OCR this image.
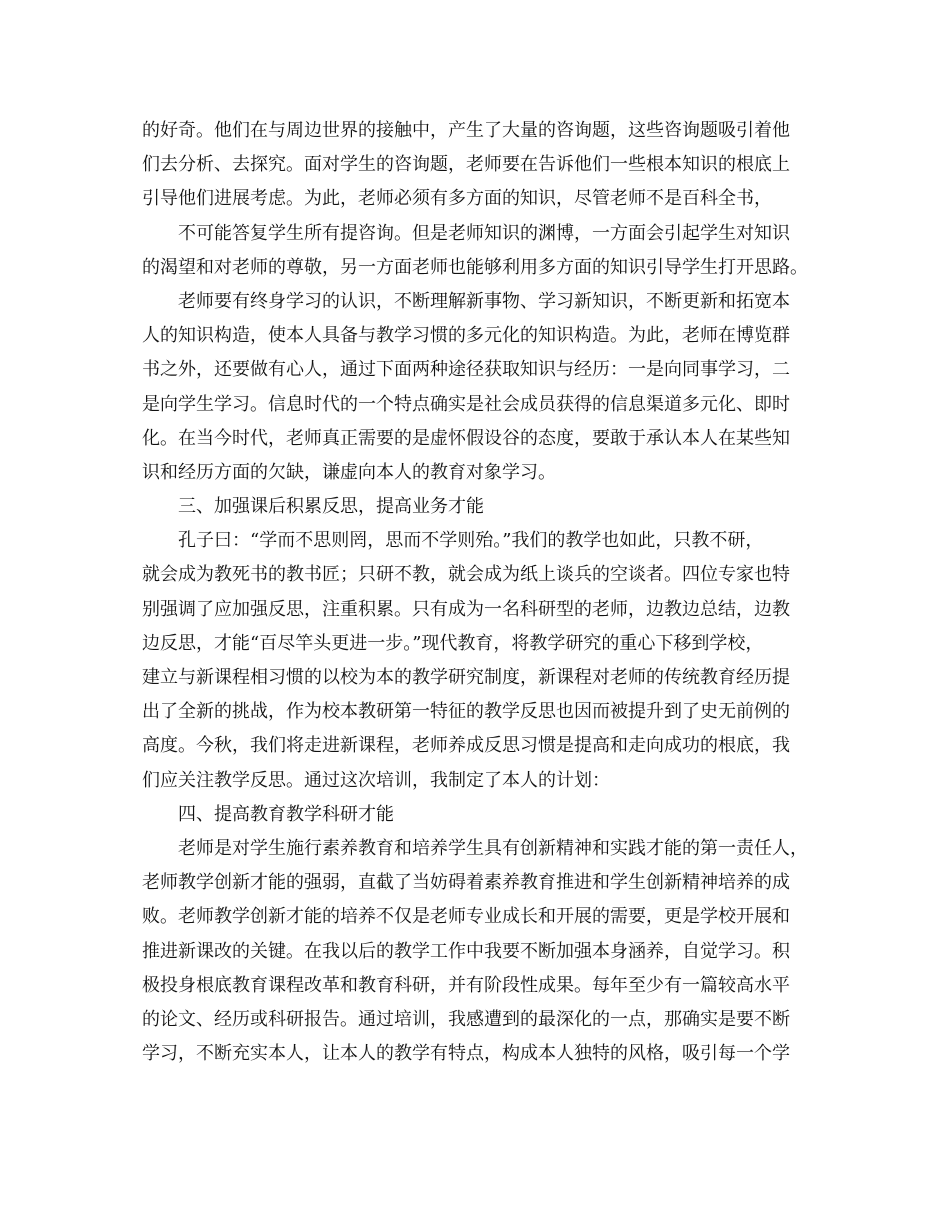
的好奇。他们在与周边世界的接触中，产生了大量的咨询题，这些咨询题吸引着他
们去分析、去探究。面对学生的咨询题，老师要在告诉他们一些根本知识的根底上
引导他们进展考虑。为此，老师必须有多方面的知识，尽管老师不是百科全书，
不可能答复学生所有提咨询。但是老师知识的渊博，一方面会引起学生对知识
的渴望和对老师的尊敬，另一方面老师也能够利用多方面的知识引导学生打开思路。
老师要有终身学习的认识，不断理解新事物、学习新知识，不断更新和拓宽本
人的知识构造，使本人具备与教学习惯的多元化的知识构造。为此，老师在博览群
书之外，还要做有心人，通过下面两种途径获取知识与经历：一是向同事学习，二
是向学生学习。信息时代的一个特点确实是社会成员获得的信息渠道多元化、即时
化。在当今时代，老师真正需要的是虚怀假设谷的态度，要敢于承认本人在某些知
识和经历方面的欠缺，谦虚向本人的教育对象学习。
三、加强课后积累反思，提高业务才能
孔子曰：“学而不思则罔，思而不学则殆。”我们的教学也如此，只教不研，
就会成为教死书的教书匠；只研不教，就会成为纸上谈兵的空谈者。四位专家也特
别强调了应加强反思，注重积累。只有成为一名科研型的老师，边教边总结，边教
边反思，才能“百尽竿头更进一步。”现代教育，将教学研究的重心下移到学校，
建立与新课程相习惯的以校为本的教学研究制度，新课程对老师的传统教育经历提
出了全新的挑战，作为校本教研第一特征的教学反思也因而被提升到了史无前例的
高度。今秋，我们将走进新课程，老师养成反思习惯是提高和走向成功的根底，我
们应关注教学反思。通过这次培训，我制定了本人的计划：
四、提高教育教学科研才能
老师是对学生施行素养教育和培养学生具有创新精神和实践才能的第一责任人，
老师教学创新才能的强弱，直截了当妨碍着素养教育推进和学生创新精神培养的成
败。老师教学创新才能的培养不仅是老师专业成长和开展的需要，更是学校开展和
推进新课改的关键。在我以后的教学工作中我要不断加强本身涵养，自觉学习。积
极投身根底教育课程改革和教育科研，并有阶段性成果。每年至少有一篇较高水平
的论文、经历或科研报告。通过培训，我感遭到的最深化的一点，那确实是要不断
学习，不断充实本人，让本人的教学有特点，构成本人独特的风格，吸引每一个学
